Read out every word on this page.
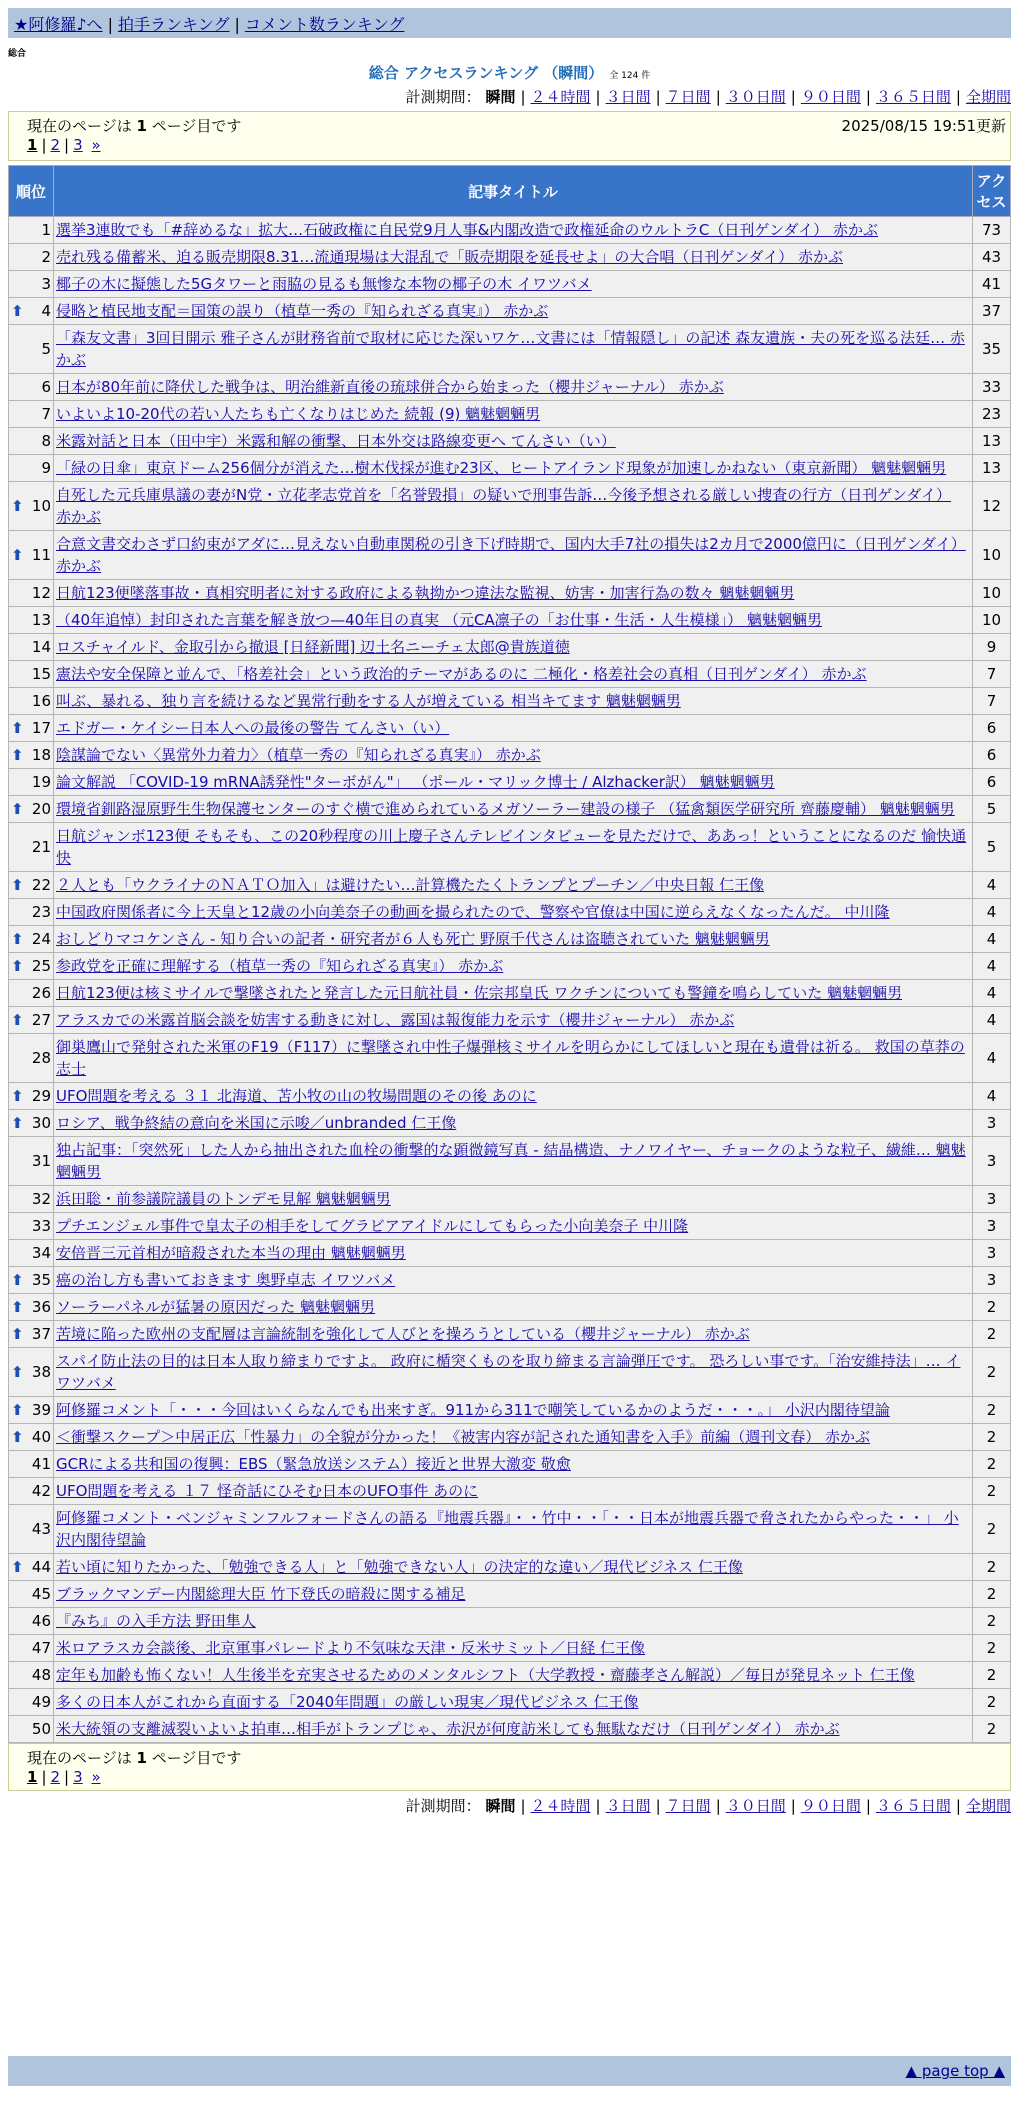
★阿修羅♪へ | 拍手ランキング | コメント数ランキング
総合
総合 アクセスランキング （瞬間） 全 124 件
計測期間： 瞬間 | ２４時間 | ３日間 | ７日間 | ３０日間 | ９０日間 | ３６５日間 | 全期間
現在のページは 1 ページ目です
1 | 2 | 3 »
2025/08/15 19:51更新
順位	記事タイトル	アクセス
1	選挙3連敗でも「#辞めるな」拡大…石破政権に自民党9月人事&内閣改造で政権延命のウルトラC（日刊ゲンダイ） 赤かぶ	73
2	売れ残る備蓄米、迫る販売期限8.31…流通現場は大混乱で「販売期限を延長せよ」の大合唱（日刊ゲンダイ） 赤かぶ	43
3	椰子の木に擬態した5Gタワーと雨脇の見るも無惨な本物の椰子の木 イワツバメ	41

⬆ 4	侵略と植民地支配＝国策の誤り（植草一秀の『知られざる真実』） 赤かぶ	37
5	「森友文書」3回目開示 雅子さんが財務省前で取材に応じた深いワケ…文書には「情報隠し」の記述 森友遺族・夫の死を巡る法廷… 赤かぶ	35
6	日本が80年前に降伏した戦争は、明治維新直後の琉球併合から始まった（櫻井ジャーナル） 赤かぶ	33
7	いよいよ10-20代の若い人たちも亡くなりはじめた 続報 (9) 魑魅魍魎男	23
8	米露対話と日本（田中宇）米露和解の衝撃、日本外交は路線変更へ てんさい（い）	13
9	「緑の日傘」東京ドーム256個分が消えた…樹木伐採が進む23区、ヒートアイランド現象が加速しかねない（東京新聞） 魑魅魍魎男	13

⬆ 10	自死した元兵庫県議の妻がN党・立花孝志党首を「名誉毀損」の疑いで刑事告訴…今後予想される厳しい捜査の行方（日刊ゲンダイ） 赤かぶ	12

⬆ 11	合意文書交わさず口約束がアダに…見えない自動車関税の引き下げ時期で、国内大手7社の損失は2カ月で2000億円に（日刊ゲンダイ） 赤かぶ	10
12	日航123便墜落事故・真相究明者に対する政府による執拗かつ違法な監視、妨害・加害行為の数々 魑魅魍魎男	10
13	（40年追悼）封印された言葉を解き放つ—40年目の真実 （元CA凛子の「お仕事・生活・人生模様」） 魑魅魍魎男	10
14	ロスチャイルド、金取引から撤退 [日経新聞] 辺土名ニーチェ太郎@貴族道徳	9
15	憲法や安全保障と並んで、「格差社会」という政治的テーマがあるのに 二極化・格差社会の真相（日刊ゲンダイ） 赤かぶ	7
16	叫ぶ、暴れる、独り言を続けるなど異常行動をする人が増えている 相当キてます 魑魅魍魎男	7

⬆ 17	エドガー・ケイシー日本人への最後の警告 てんさい（い）	6

⬆ 18	陰謀論でない〈異常外力着力〉（植草一秀の『知られざる真実』） 赤かぶ	6
19	論文解説 「COVID-19 mRNA誘発性"ターボがん"」 （ポール・マリック博士 / Alzhacker訳） 魑魅魍魎男	6

⬆ 20	環境省釧路湿原野生生物保護センターのすぐ横で進められているメガソーラー建設の様子 （猛禽類医学研究所 齊藤慶輔） 魑魅魍魎男	5
21	日航ジャンボ123便 そもそも、この20秒程度の川上慶子さんテレビインタビューを見ただけで、ああっ！ということになるのだ 愉快通快	5

⬆ 22	２人とも「ウクライナのＮＡＴＯ加入」は避けたい…計算機たたくトランプとプーチン／中央日報 仁王像	4
23	中国政府関係者に今上天皇と12歳の小向美奈子の動画を撮られたので、警察や官僚は中国に逆らえなくなったんだ。 中川隆	4

⬆ 24	おしどりマコケンさん - 知り合いの記者・研究者が６人も死亡 野原千代さんは盗聴されていた 魑魅魍魎男	4

⬆ 25	参政党を正確に理解する（植草一秀の『知られざる真実』） 赤かぶ	4
26	日航123便は核ミサイルで撃墜されたと発言した元日航社員・佐宗邦皇氏 ワクチンについても警鐘を鳴らしていた 魑魅魍魎男	4

⬆ 27	アラスカでの米露首脳会談を妨害する動きに対し、露国は報復能力を示す（櫻井ジャーナル） 赤かぶ	4
28	御巣鷹山で発射された米軍のF19（F117）に撃墜され中性子爆弾核ミサイルを明らかにしてほしいと現在も遺骨は祈る。 救国の草莽の志士	4

⬆ 29	UFO問題を考える ３１ 北海道、苫小牧の山の牧場問題のその後 あのに	4

⬆ 30	ロシア、戦争終結の意向を米国に示唆／unbranded 仁王像	3
31	独占記事：「突然死」した人から抽出された血栓の衝撃的な顕微鏡写真 - 結晶構造、ナノワイヤー、チョークのような粒子、繊維… 魑魅魍魎男	3
32	浜田聡・前参議院議員のトンデモ見解 魑魅魍魎男	3
33	プチエンジェル事件で皇太子の相手をしてグラビアアイドルにしてもらった小向美奈子 中川隆	3
34	安倍晋三元首相が暗殺された本当の理由 魑魅魍魎男	3

⬆ 35	癌の治し方も書いておきます 奥野卓志 イワツバメ	3

⬆ 36	ソーラーパネルが猛暑の原因だった 魑魅魍魎男	2

⬆ 37	苦境に陥った欧州の支配層は言論統制を強化して人びとを操ろうとしている（櫻井ジャーナル） 赤かぶ	2

⬆ 38	スパイ防止法の目的は日本人取り締まりですよ。 政府に楯突くものを取り締まる言論弾圧です。 恐ろしい事です。「治安維持法」… イワツバメ	2

⬆ 39	阿修羅コメント「・・・今回はいくらなんでも出来すぎ。911から311で嘲笑しているかのようだ・・・。」 小沢内閣待望論	2

⬆ 40	＜衝撃スクープ＞中居正広「性暴力」の全貌が分かった！《被害内容が記された通知書を入手》前編（週刊文春） 赤かぶ	2
41	GCRによる共和国の復興：EBS（緊急放送システム）接近と世界大激変 敬愈	2
42	UFO問題を考える １７ 怪奇話にひそむ日本のUFO事件 あのに	2
43	阿修羅コメント・ベンジャミンフルフォードさんの語る『地震兵器』・・竹中・・「・・日本が地震兵器で脅されたからやった・・」 小沢内閣待望論	2

⬆ 44	若い頃に知りたかった、「勉強できる人」と「勉強できない人」の決定的な違い／現代ビジネス 仁王像	2
45	ブラックマンデー内閣総理大臣 竹下登氏の暗殺に関する補足	2
46	『みち』の入手方法 野田隼人	2
47	米ロアラスカ会談後、北京軍事パレードより不気味な天津・反米サミット／日経 仁王像	2
48	定年も加齢も怖くない！人生後半を充実させるためのメンタルシフト（大学教授・齋藤孝さん解説）／毎日が発見ネット 仁王像	2
49	多くの日本人がこれから直面する「2040年問題」の厳しい現実／現代ビジネス 仁王像	2
50	米大統領の支離滅裂いよいよ拍車…相手がトランプじゃ、赤沢が何度訪米しても無駄なだけ（日刊ゲンダイ） 赤かぶ	2
現在のページは 1 ページ目です
1 | 2 | 3 »
計測期間： 瞬間 | ２４時間 | ３日間 | ７日間 | ３０日間 | ９０日間 | ３６５日間 | 全期間
▲ page top ▲
